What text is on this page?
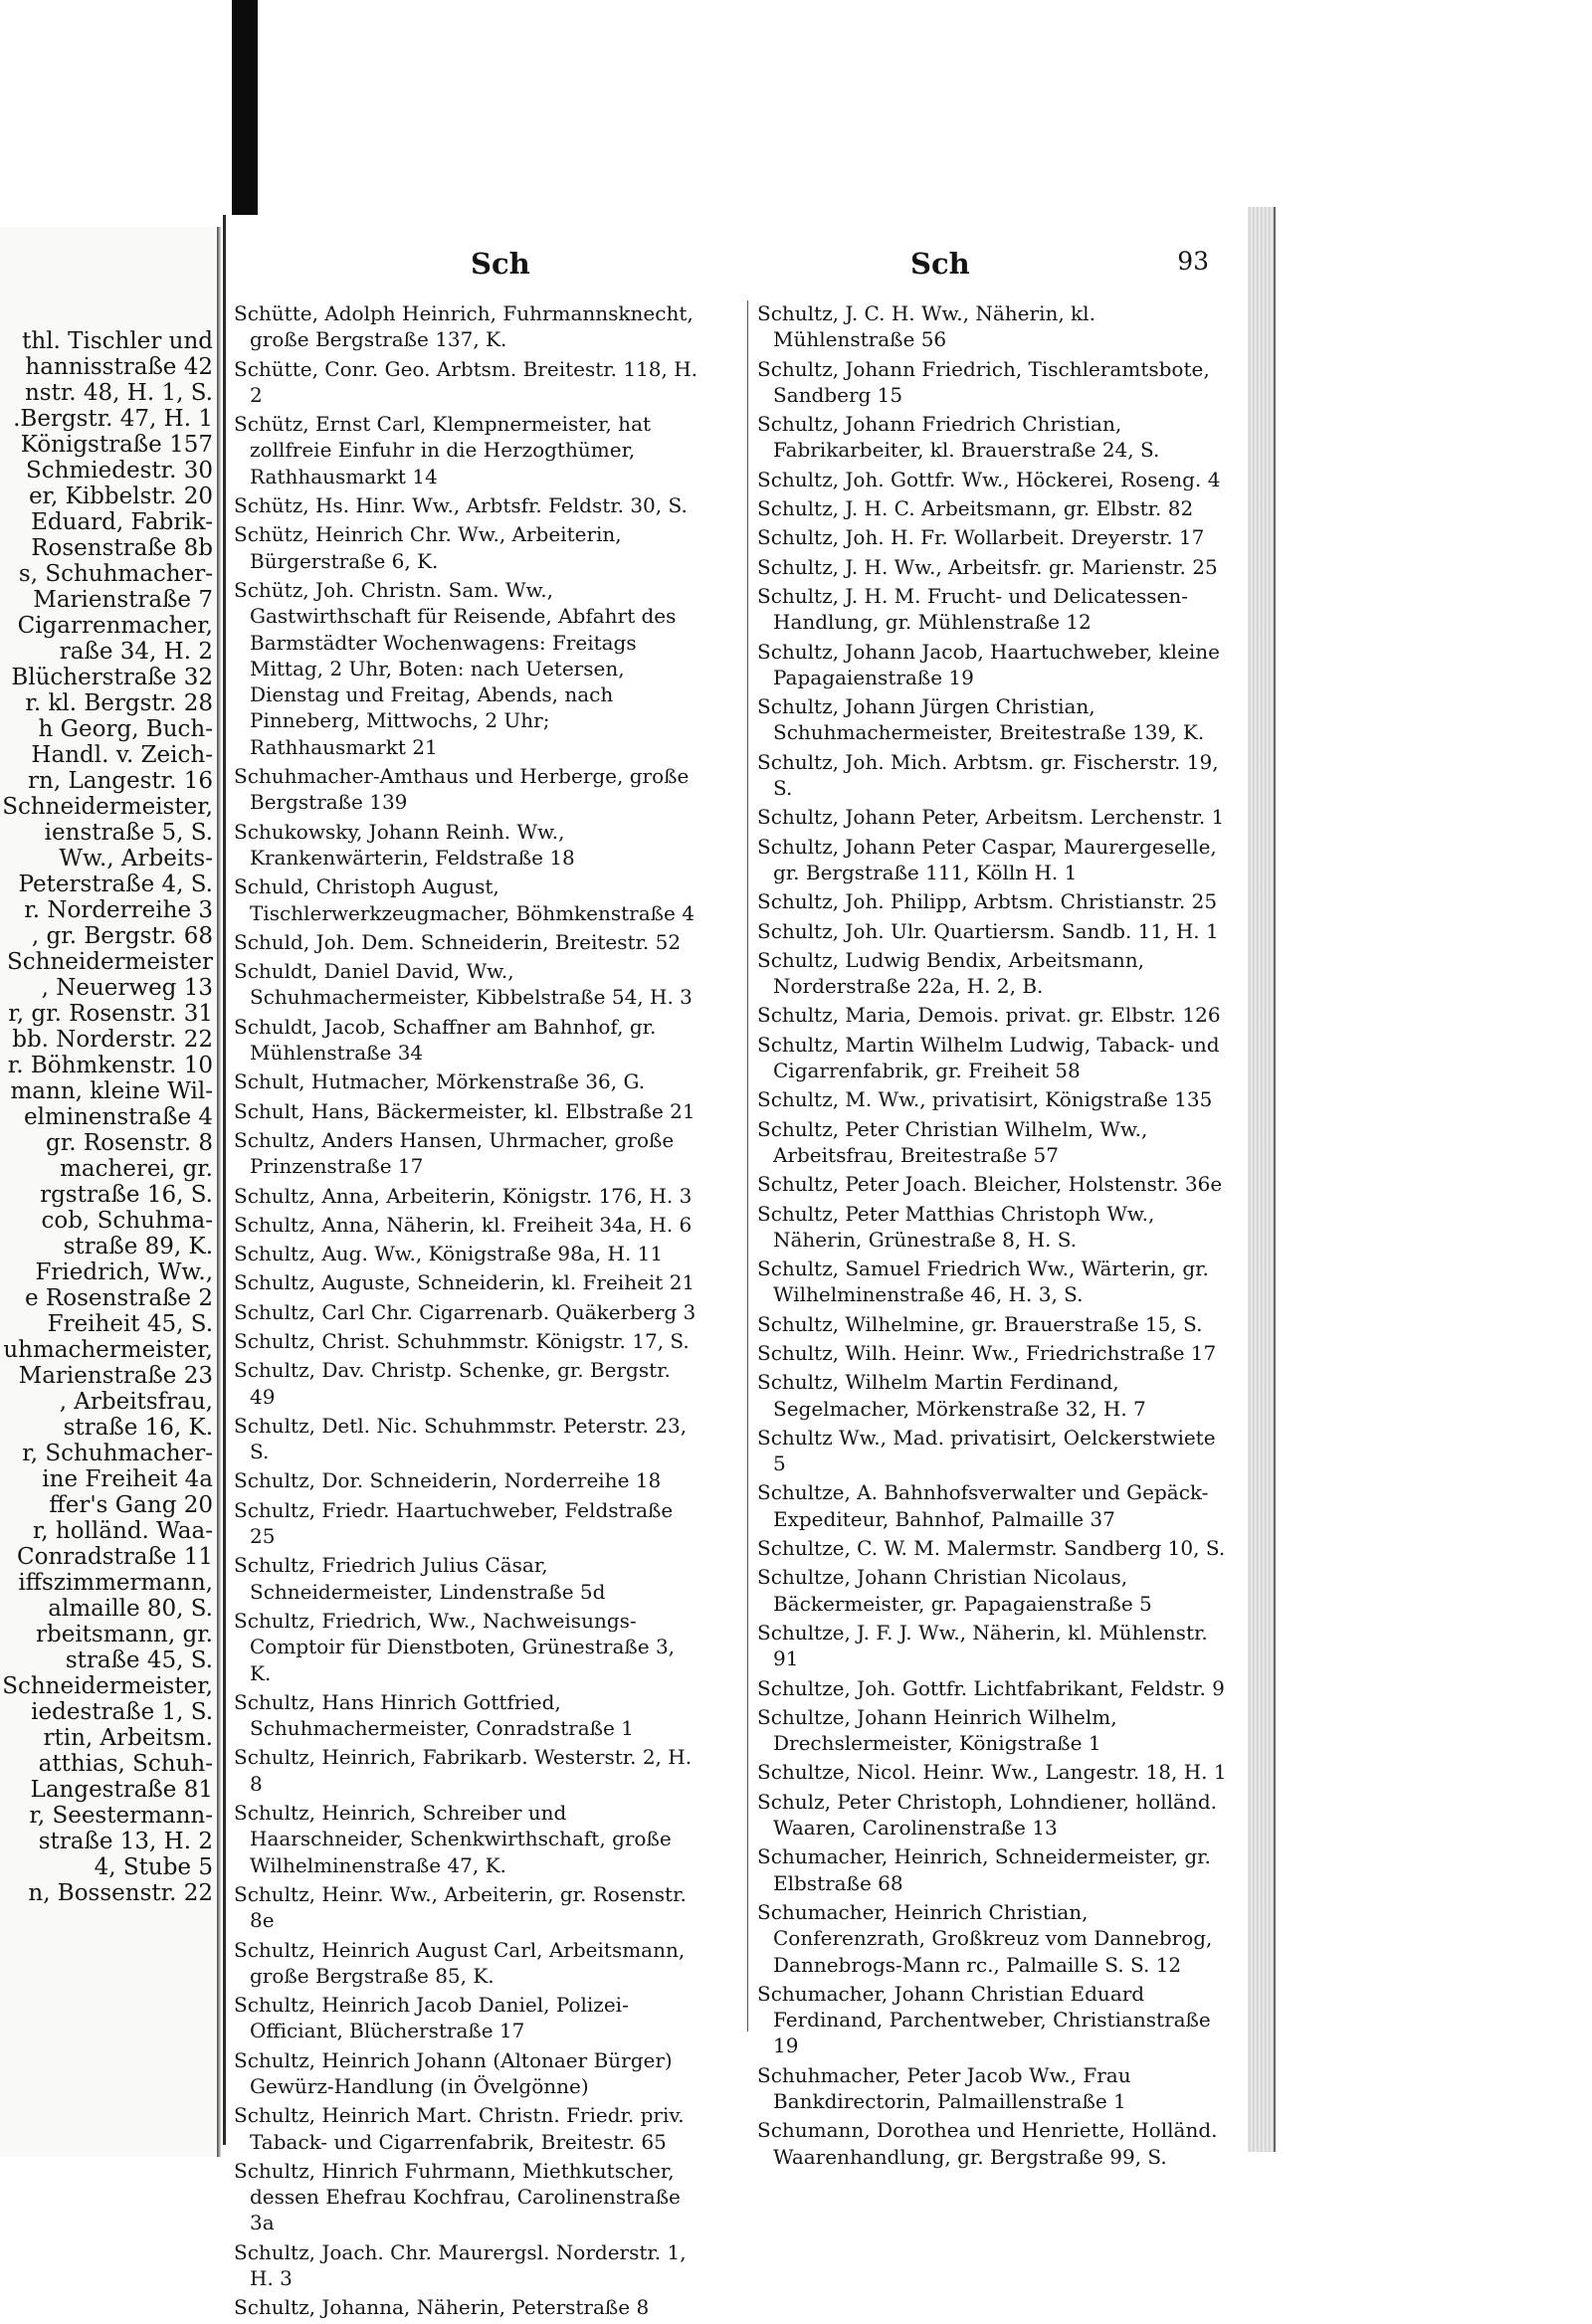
thl. Tischler und
hannisstraße 42
nstr. 48, H. 1, S.
.Bergstr. 47, H. 1
Königstraße 157
Schmiedestr. 30
er, Kibbelstr. 20
Eduard, Fabrik-
Rosenstraße 8b
s, Schuhmacher-
Marienstraße 7
Cigarrenmacher,
raße 34, H. 2
Blücherstraße 32
r. kl. Bergstr. 28
h Georg, Buch-
Handl. v. Zeich-
rn, Langestr. 16
Schneidermeister,
ienstraße 5, S.
Ww., Arbeits-
Peterstraße 4, S.
r. Norderreihe 3
, gr. Bergstr. 68
Schneidermeister
, Neuerweg 13
r, gr. Rosenstr. 31
bb. Norderstr. 22
r. Böhmkenstr. 10
mann, kleine Wil-
elminenstraße 4
gr. Rosenstr. 8
macherei, gr.
rgstraße 16, S.
cob, Schuhma-
straße 89, K.
Friedrich, Ww.,
e Rosenstraße 2
Freiheit 45, S.
uhmachermeister,
Marienstraße 23
, Arbeitsfrau,
straße 16, K.
r, Schuhmacher-
ine Freiheit 4a
ffer's Gang 20
r, holländ. Waa-
Conradstraße 11
iffszimmermann,
almaille 80, S.
rbeitsmann, gr.
straße 45, S.
Schneidermeister,
iedestraße 1, S.
rtin, Arbeitsm.
atthias, Schuh-
Langestraße 81
r, Seestermann-
straße 13, H. 2
4, Stube 5
n, Bossenstr. 22
Sch	Sch	93
Schütte, Adolph Heinrich, Fuhrmannsknecht, große Bergstraße 137, K.
Schütte, Conr. Geo. Arbtsm. Breitestr. 118, H. 2
Schütz, Ernst Carl, Klempnermeister, hat zollfreie Einfuhr in die Herzogthümer, Rathhausmarkt 14
Schütz, Hs. Hinr. Ww., Arbtsfr. Feldstr. 30, S.
Schütz, Heinrich Chr. Ww., Arbeiterin, Bürgerstraße 6, K.
Schütz, Joh. Christn. Sam. Ww., Gastwirthschaft für Reisende, Abfahrt des Barmstädter Wochenwagens: Freitags Mittag, 2 Uhr, Boten: nach Uetersen, Dienstag und Freitag, Abends, nach Pinneberg, Mittwochs, 2 Uhr; Rathhausmarkt 21
Schuhmacher-Amthaus und Herberge, große Bergstraße 139
Schukowsky, Johann Reinh. Ww., Krankenwärterin, Feldstraße 18
Schuld, Christoph August, Tischlerwerkzeugmacher, Böhmkenstraße 4
Schuld, Joh. Dem. Schneiderin, Breitestr. 52
Schuldt, Daniel David, Ww., Schuhmachermeister, Kibbelstraße 54, H. 3
Schuldt, Jacob, Schaffner am Bahnhof, gr. Mühlenstraße 34
Schult, Hutmacher, Mörkenstraße 36, G.
Schult, Hans, Bäckermeister, kl. Elbstraße 21
Schultz, Anders Hansen, Uhrmacher, große Prinzenstraße 17
Schultz, Anna, Arbeiterin, Königstr. 176, H. 3
Schultz, Anna, Näherin, kl. Freiheit 34a, H. 6
Schultz, Aug. Ww., Königstraße 98a, H. 11
Schultz, Auguste, Schneiderin, kl. Freiheit 21
Schultz, Carl Chr. Cigarrenarb. Quäkerberg 3
Schultz, Christ. Schuhmmstr. Königstr. 17, S.
Schultz, Dav. Christp. Schenke, gr. Bergstr. 49
Schultz, Detl. Nic. Schuhmmstr. Peterstr. 23, S.
Schultz, Dor. Schneiderin, Norderreihe 18
Schultz, Friedr. Haartuchweber, Feldstraße 25
Schultz, Friedrich Julius Cäsar, Schneidermeister, Lindenstraße 5d
Schultz, Friedrich, Ww., Nachweisungs-Comptoir für Dienstboten, Grünestraße 3, K.
Schultz, Hans Hinrich Gottfried, Schuhmachermeister, Conradstraße 1
Schultz, Heinrich, Fabrikarb. Westerstr. 2, H. 8
Schultz, Heinrich, Schreiber und Haarschneider, Schenkwirthschaft, große Wilhelminenstraße 47, K.
Schultz, Heinr. Ww., Arbeiterin, gr. Rosenstr. 8e
Schultz, Heinrich August Carl, Arbeitsmann, große Bergstraße 85, K.
Schultz, Heinrich Jacob Daniel, Polizei-Officiant, Blücherstraße 17
Schultz, Heinrich Johann (Altonaer Bürger) Gewürz-Handlung (in Övelgönne)
Schultz, Heinrich Mart. Christn. Friedr. priv. Taback- und Cigarrenfabrik, Breitestr. 65
Schultz, Hinrich Fuhrmann, Miethkutscher, dessen Ehefrau Kochfrau, Carolinenstraße 3a
Schultz, Joach. Chr. Maurergsl. Norderstr. 1, H. 3
Schultz, Johanna, Näherin, Peterstraße 8
Schultz, J. C. H. Ww., Näherin, kl. Mühlenstraße 56
Schultz, Johann Friedrich, Tischleramtsbote, Sandberg 15
Schultz, Johann Friedrich Christian, Fabrikarbeiter, kl. Brauerstraße 24, S.
Schultz, Joh. Gottfr. Ww., Höckerei, Roseng. 4
Schultz, J. H. C. Arbeitsmann, gr. Elbstr. 82
Schultz, Joh. H. Fr. Wollarbeit. Dreyerstr. 17
Schultz, J. H. Ww., Arbeitsfr. gr. Marienstr. 25
Schultz, J. H. M. Frucht- und Delicatessen-Handlung, gr. Mühlenstraße 12
Schultz, Johann Jacob, Haartuchweber, kleine Papagaienstraße 19
Schultz, Johann Jürgen Christian, Schuhmachermeister, Breitestraße 139, K.
Schultz, Joh. Mich. Arbtsm. gr. Fischerstr. 19, S.
Schultz, Johann Peter, Arbeitsm. Lerchenstr. 1
Schultz, Johann Peter Caspar, Maurergeselle, gr. Bergstraße 111, Kölln H. 1
Schultz, Joh. Philipp, Arbtsm. Christianstr. 25
Schultz, Joh. Ulr. Quartiersm. Sandb. 11, H. 1
Schultz, Ludwig Bendix, Arbeitsmann, Norderstraße 22a, H. 2, B.
Schultz, Maria, Demois. privat. gr. Elbstr. 126
Schultz, Martin Wilhelm Ludwig, Taback- und Cigarrenfabrik, gr. Freiheit 58
Schultz, M. Ww., privatisirt, Königstraße 135
Schultz, Peter Christian Wilhelm, Ww., Arbeitsfrau, Breitestraße 57
Schultz, Peter Joach. Bleicher, Holstenstr. 36e
Schultz, Peter Matthias Christoph Ww., Näherin, Grünestraße 8, H. S.
Schultz, Samuel Friedrich Ww., Wärterin, gr. Wilhelminenstraße 46, H. 3, S.
Schultz, Wilhelmine, gr. Brauerstraße 15, S.
Schultz, Wilh. Heinr. Ww., Friedrichstraße 17
Schultz, Wilhelm Martin Ferdinand, Segelmacher, Mörkenstraße 32, H. 7
Schultz Ww., Mad. privatisirt, Oelckerstwiete 5
Schultze, A. Bahnhofsverwalter und Gepäck-Expediteur, Bahnhof, Palmaille 37
Schultze, C. W. M. Malermstr. Sandberg 10, S.
Schultze, Johann Christian Nicolaus, Bäckermeister, gr. Papagaienstraße 5
Schultze, J. F. J. Ww., Näherin, kl. Mühlenstr. 91
Schultze, Joh. Gottfr. Lichtfabrikant, Feldstr. 9
Schultze, Johann Heinrich Wilhelm, Drechslermeister, Königstraße 1
Schultze, Nicol. Heinr. Ww., Langestr. 18, H. 1
Schulz, Peter Christoph, Lohndiener, holländ. Waaren, Carolinenstraße 13
Schumacher, Heinrich, Schneidermeister, gr. Elbstraße 68
Schumacher, Heinrich Christian, Conferenzrath, Großkreuz vom Dannebrog, Dannebrogs-Mann rc., Palmaille S. S. 12
Schumacher, Johann Christian Eduard Ferdinand, Parchentweber, Christianstraße 19
Schuhmacher, Peter Jacob Ww., Frau Bankdirectorin, Palmaillenstraße 1
Schumann, Dorothea und Henriette, Holländ. Waarenhandlung, gr. Bergstraße 99, S.
